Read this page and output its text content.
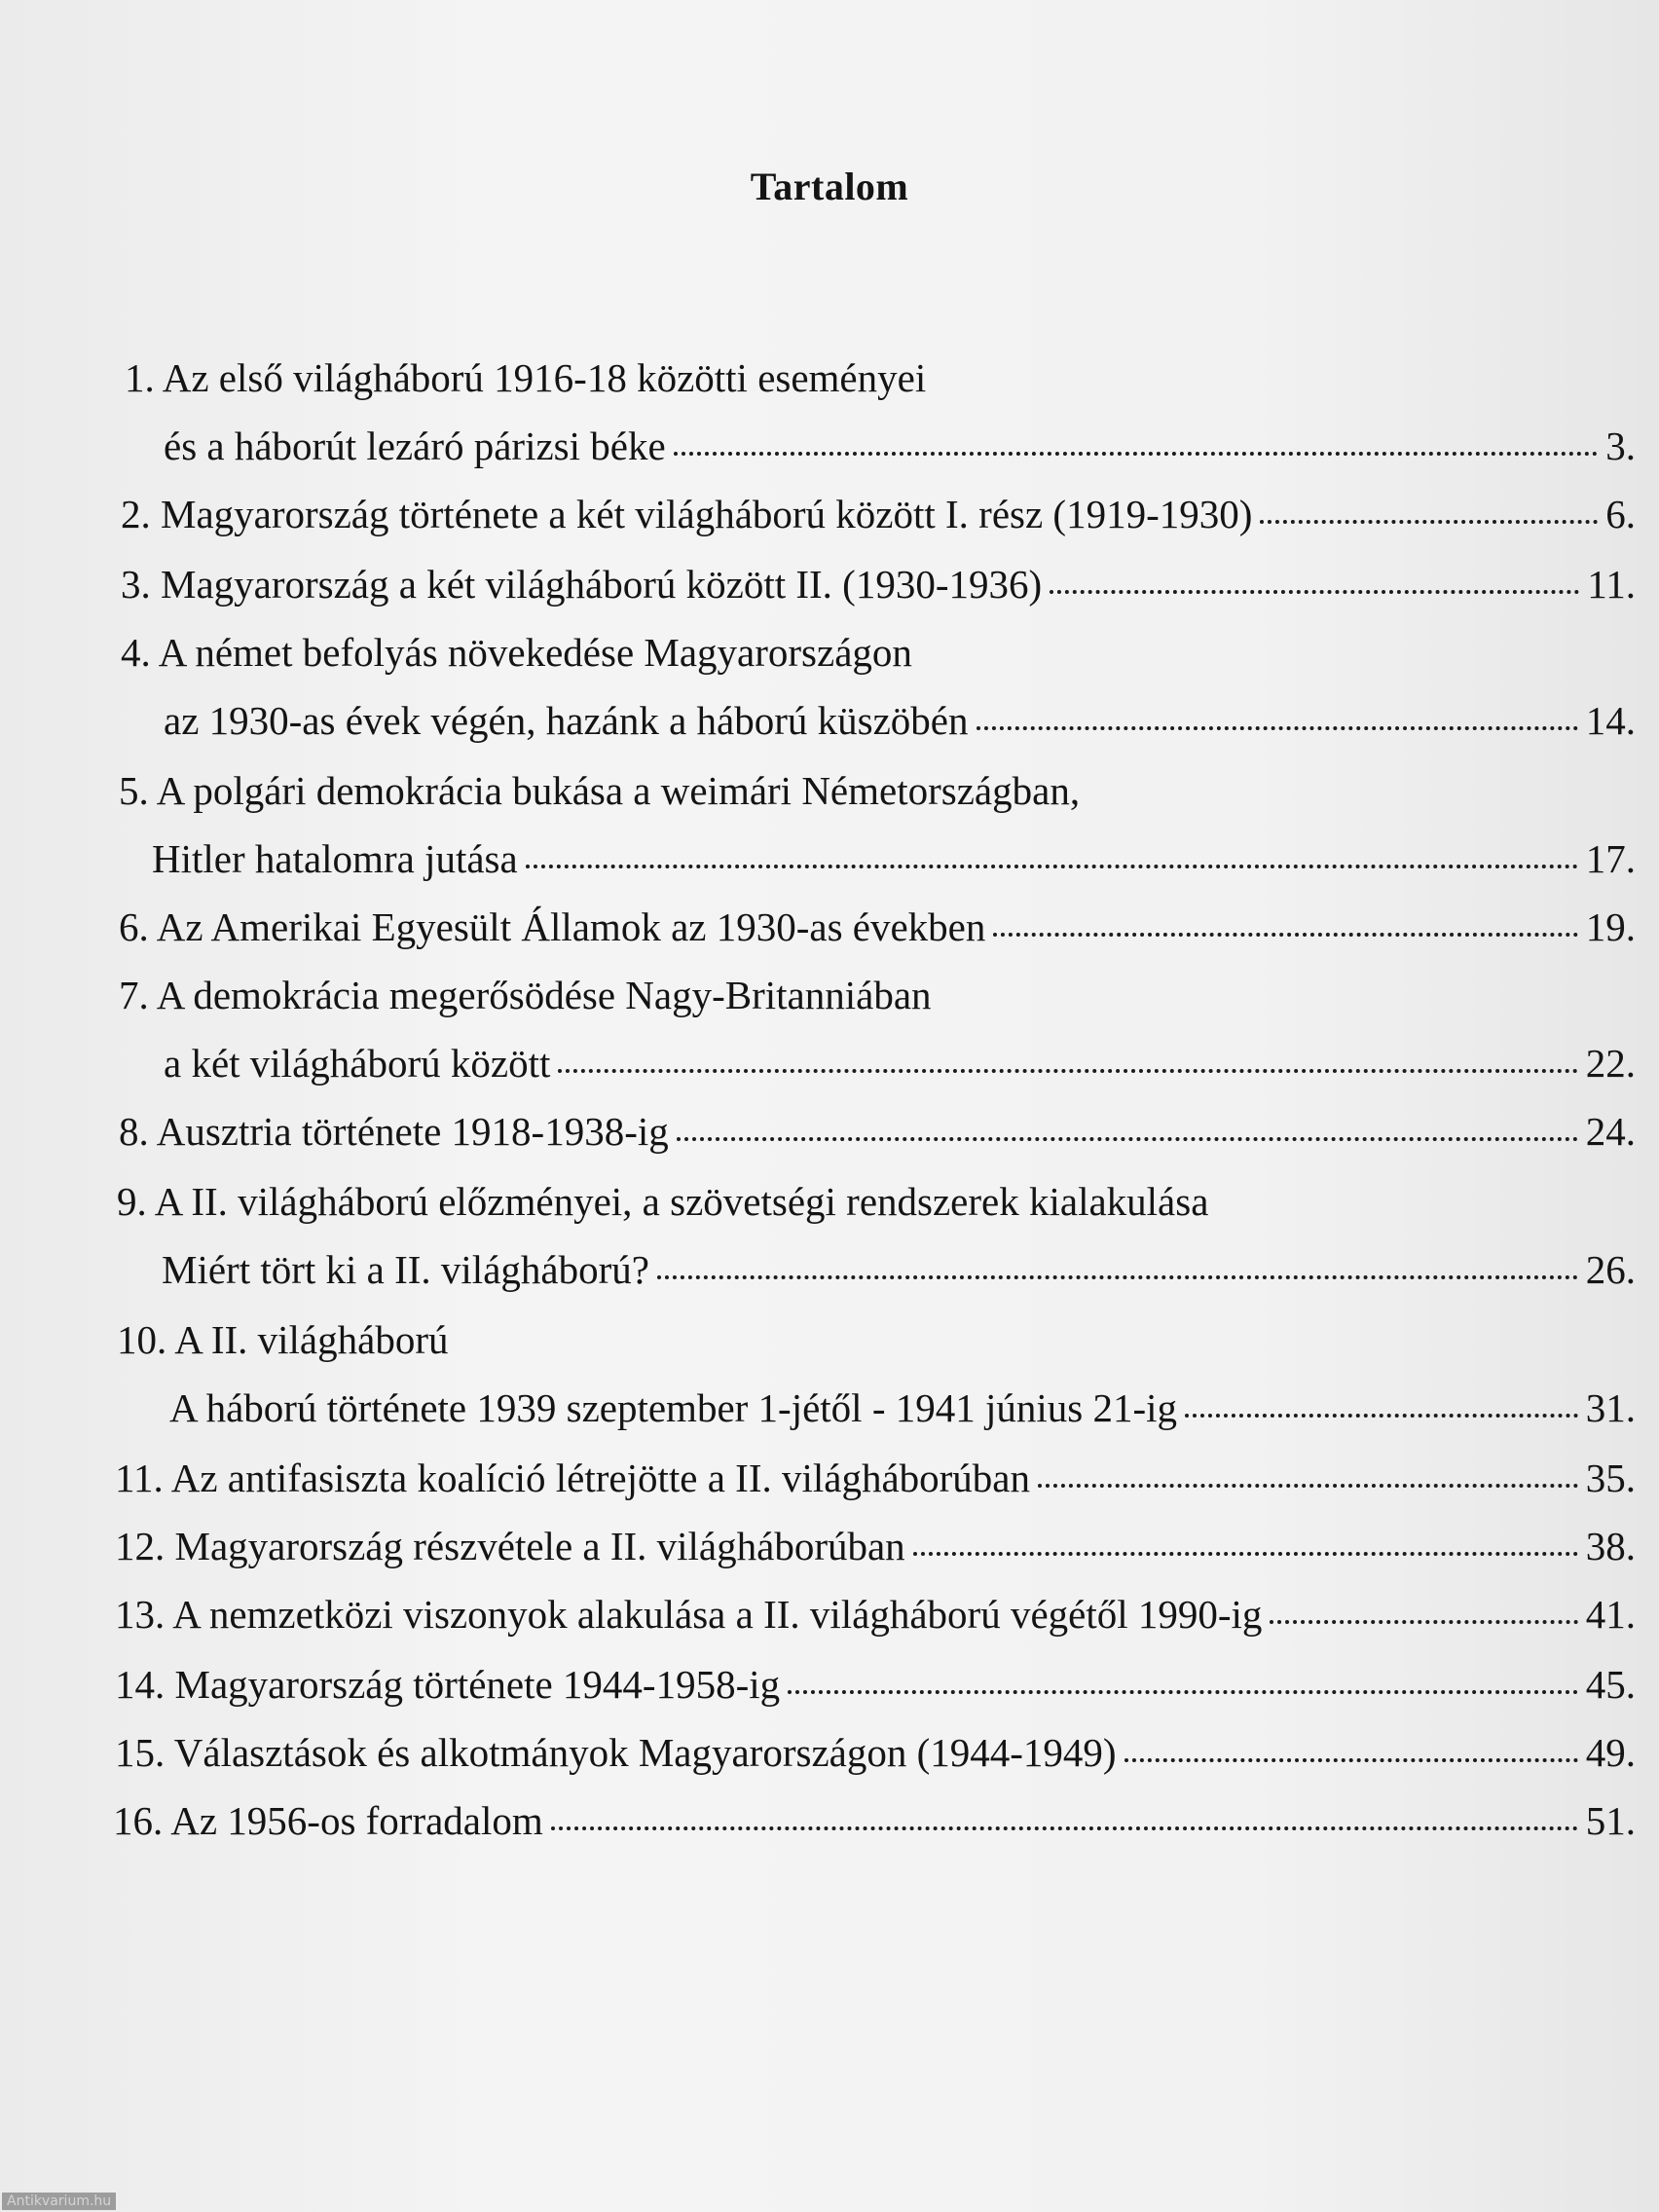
Tartalom
1. Az első világháború 1916-18 közötti eseményei
és a háborút lezáró párizsi béke	3.
2. Magyarország története a két világháború között I. rész (1919-1930)	6.
3. Magyarország a két világháború között II. (1930-1936)	11.
4. A német befolyás növekedése Magyarországon
az 1930-as évek végén, hazánk a háború küszöbén	14.
5. A polgári demokrácia bukása a weimári Németországban,
Hitler hatalomra jutása	17.
6. Az Amerikai Egyesült Államok az 1930-as években	19.
7. A demokrácia megerősödése Nagy-Britanniában
a két világháború között	22.
8. Ausztria története 1918-1938-ig	24.
9. A II. világháború előzményei, a szövetségi rendszerek kialakulása
Miért tört ki a II. világháború?	26.
10. A II. világháború
A háború története 1939 szeptember 1-jétől - 1941 június 21-ig	31.
11. Az antifasiszta koalíció létrejötte a II. világháborúban	35.
12. Magyarország részvétele a II. világháborúban	38.
13. A nemzetközi viszonyok alakulása a II. világháború végétől 1990-ig	41.
14. Magyarország története 1944-1958-ig	45.
15. Választások és alkotmányok Magyarországon (1944-1949)	49.
16. Az 1956-os forradalom	51.
Antikvarium.hu
